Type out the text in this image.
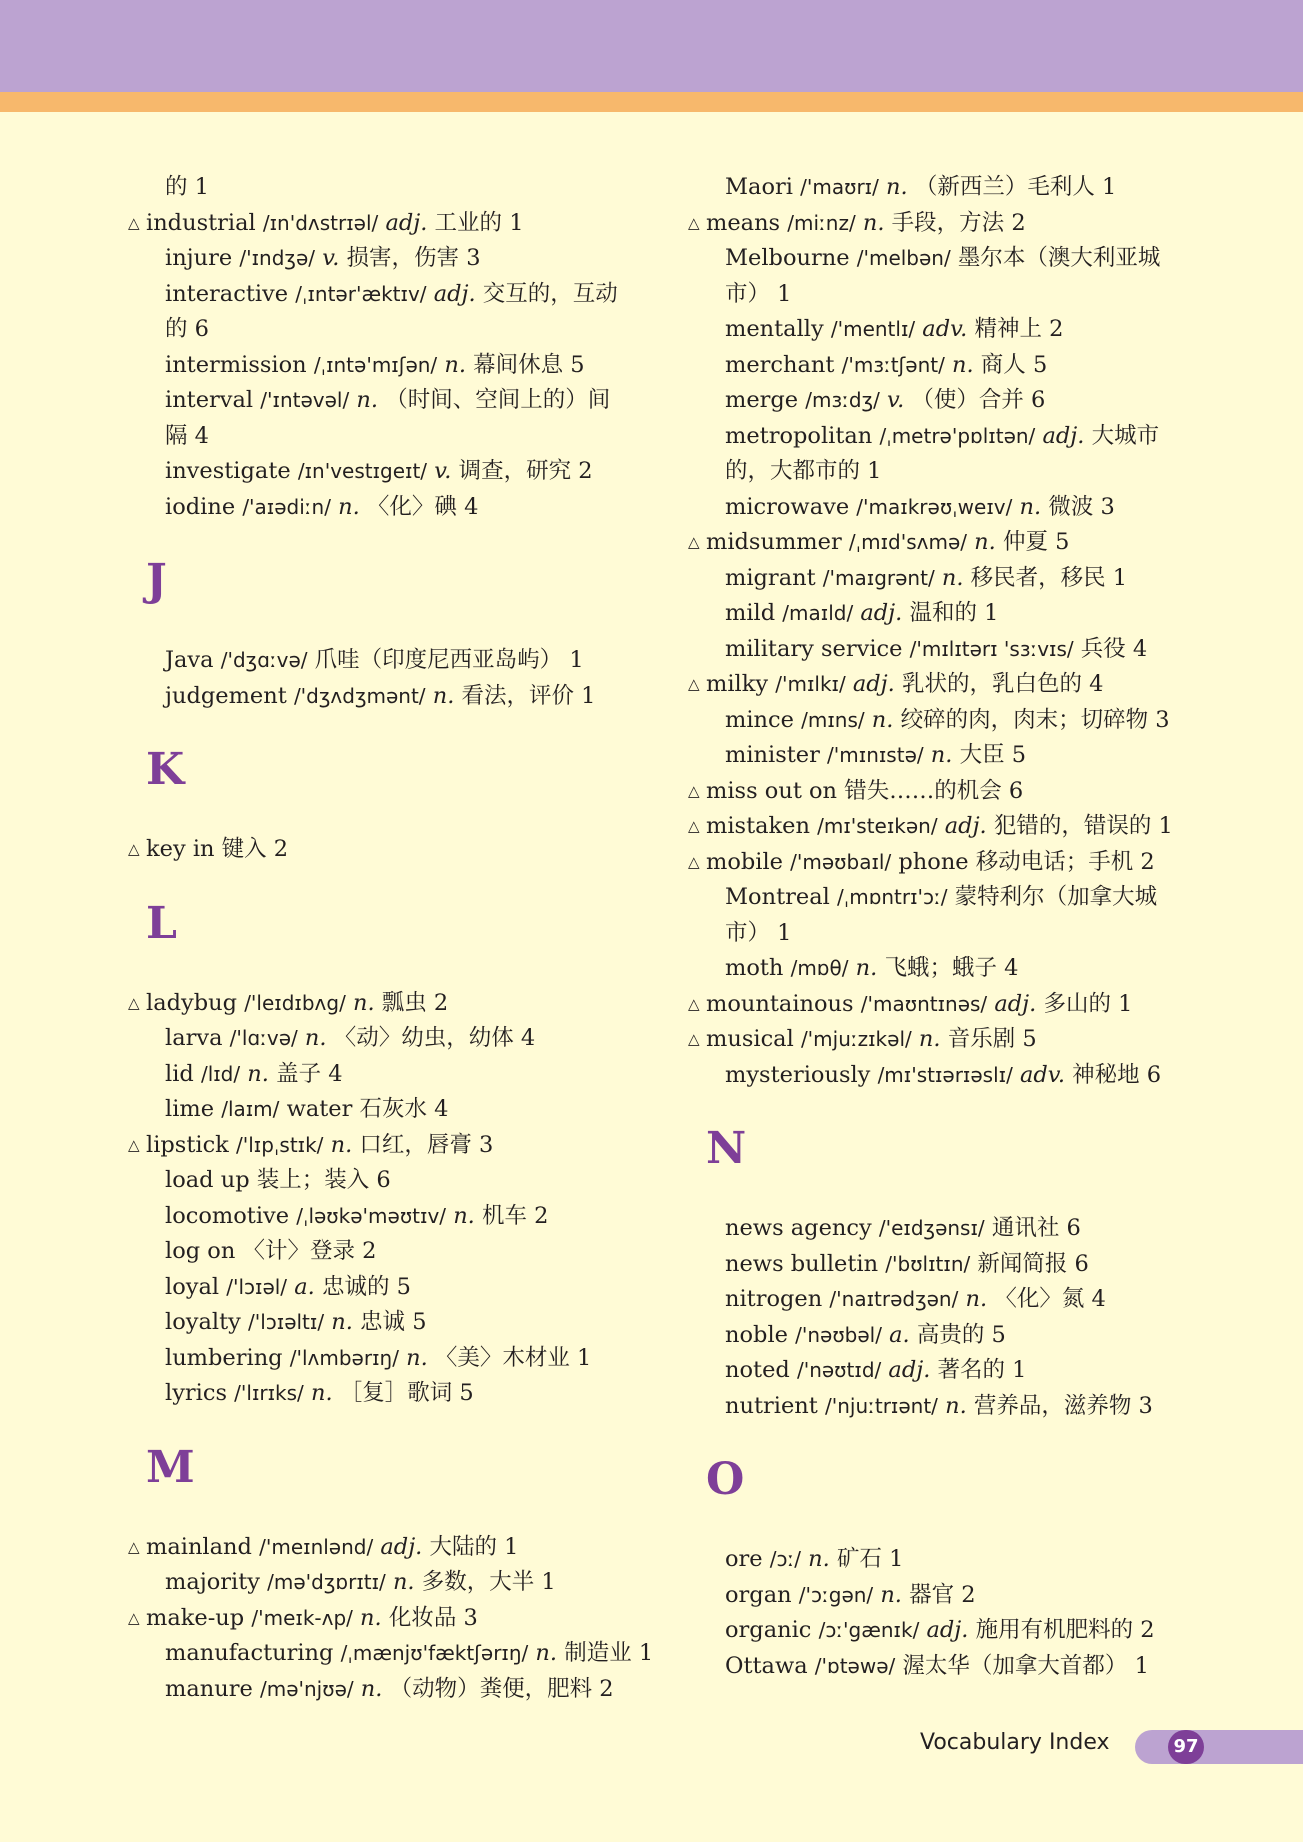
的 1
△ industrial /ɪn'dʌstrɪəl/ adj. 工业的 1
injure /'ɪndʒə/ v. 损害，伤害 3
interactive /ˌɪntər'æktɪv/ adj. 交互的，互动
的 6
intermission /ˌɪntə'mɪʃən/ n. 幕间休息 5
interval /'ɪntəvəl/ n. （时间、空间上的）间
隔 4
investigate /ɪn'vestɪgeɪt/ v. 调查，研究 2
iodine /'aɪədiːn/ n. 〈化〉碘 4
J
Java /'dʒɑːvə/ 爪哇（印度尼西亚岛屿） 1
judgement /'dʒʌdʒmənt/ n. 看法，评价 1
K
△ key in 键入 2
L
△ ladybug /'leɪdɪbʌg/ n. 瓢虫 2
larva /'lɑːvə/ n. 〈动〉幼虫，幼体 4
lid /lɪd/ n. 盖子 4
lime /laɪm/ water 石灰水 4
△ lipstick /'lɪpˌstɪk/ n. 口红，唇膏 3
load up 装上；装入 6
locomotive /ˌləʊkə'məʊtɪv/ n. 机车 2
log on 〈计〉登录 2
loyal /'lɔɪəl/ a. 忠诚的 5
loyalty /'lɔɪəltɪ/ n. 忠诚 5
lumbering /'lʌmbərɪŋ/ n. 〈美〉木材业 1
lyrics /'lɪrɪks/ n. ［复］歌词 5
M
△ mainland /'meɪnlənd/ adj. 大陆的 1
majority /mə'dʒɒrɪtɪ/ n. 多数，大半 1
△ make-up /'meɪk-ʌp/ n. 化妆品 3
manufacturing /ˌmænjʊ'fæktʃərɪŋ/ n. 制造业 1
manure /mə'njʊə/ n. （动物）粪便，肥料 2
Maori /'maʊrɪ/ n. （新西兰）毛利人 1
△ means /miːnz/ n. 手段，方法 2
Melbourne /'melbən/ 墨尔本（澳大利亚城
市） 1
mentally /'mentlɪ/ adv. 精神上 2
merchant /'mɜːtʃənt/ n. 商人 5
merge /mɜːdʒ/ v. （使）合并 6
metropolitan /ˌmetrə'pɒlɪtən/ adj. 大城市
的，大都市的 1
microwave /'maɪkrəʊˌweɪv/ n. 微波 3
△ midsummer /ˌmɪd'sʌmə/ n. 仲夏 5
migrant /'maɪgrənt/ n. 移民者，移民 1
mild /maɪld/ adj. 温和的 1
military service /'mɪlɪtərɪ 'sɜːvɪs/ 兵役 4
△ milky /'mɪlkɪ/ adj. 乳状的，乳白色的 4
mince /mɪns/ n. 绞碎的肉，肉末；切碎物 3
minister /'mɪnɪstə/ n. 大臣 5
△ miss out on 错失……的机会 6
△ mistaken /mɪ'steɪkən/ adj. 犯错的，错误的 1
△ mobile /'məʊbaɪl/ phone 移动电话；手机 2
Montreal /ˌmɒntrɪ'ɔː/ 蒙特利尔（加拿大城
市） 1
moth /mɒθ/ n. 飞蛾；蛾子 4
△ mountainous /'maʊntɪnəs/ adj. 多山的 1
△ musical /'mjuːzɪkəl/ n. 音乐剧 5
mysteriously /mɪ'stɪərɪəslɪ/ adv. 神秘地 6
N
news agency /'eɪdʒənsɪ/ 通讯社 6
news bulletin /'bʊlɪtɪn/ 新闻简报 6
nitrogen /'naɪtrədʒən/ n. 〈化〉氮 4
noble /'nəʊbəl/ a. 高贵的 5
noted /'nəʊtɪd/ adj. 著名的 1
nutrient /'njuːtrɪənt/ n. 营养品，滋养物 3
O
ore /ɔː/ n. 矿石 1
organ /'ɔːgən/ n. 器官 2
organic /ɔː'gænɪk/ adj. 施用有机肥料的 2
Ottawa /'ɒtəwə/ 渥太华（加拿大首都） 1
97
Vocabulary Index
